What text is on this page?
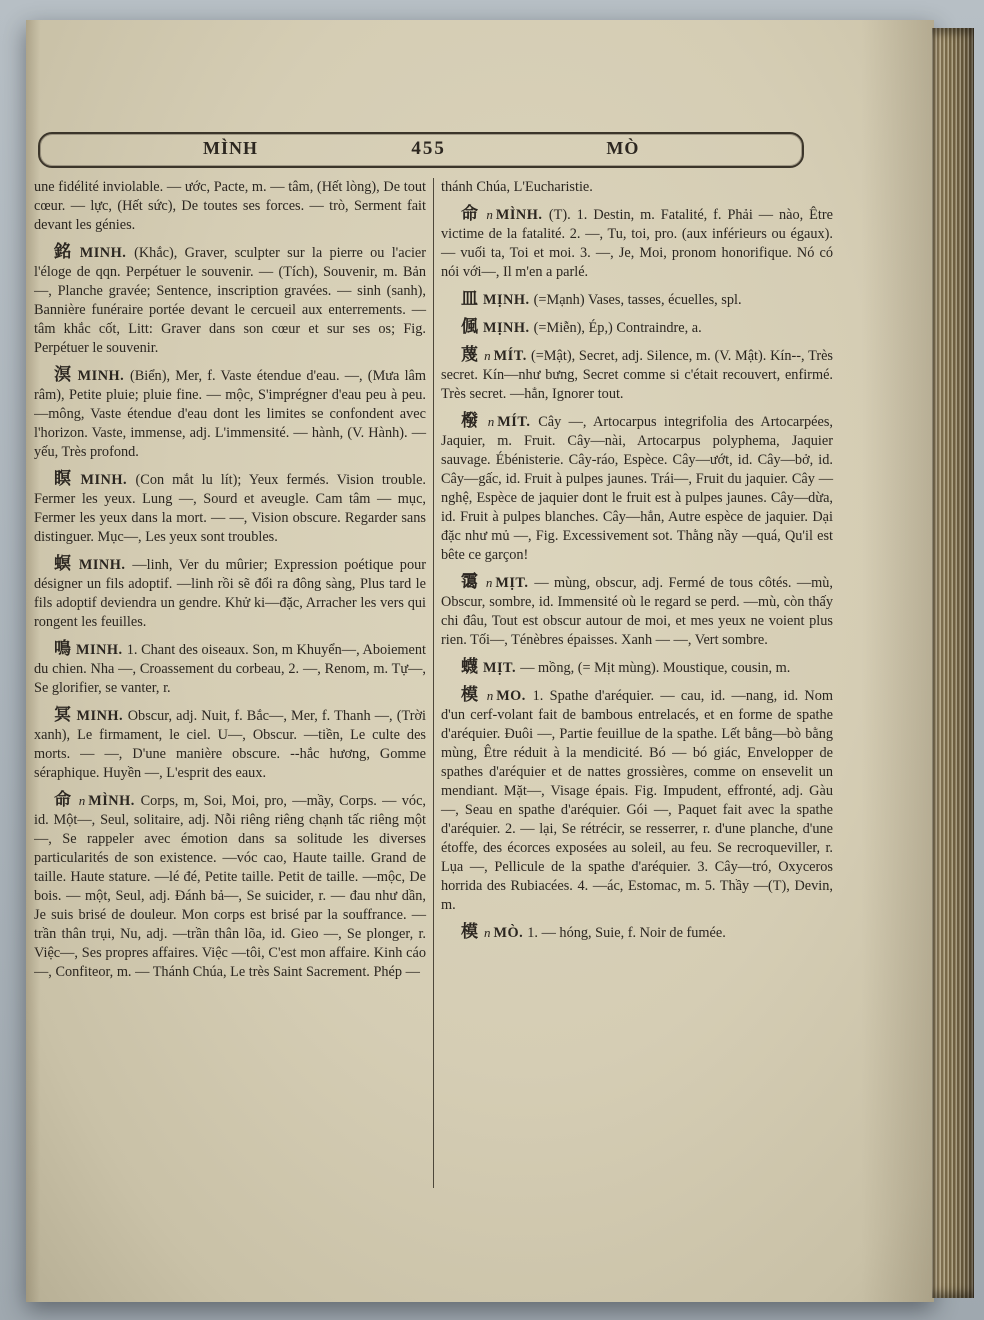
MÌNH	455	MÒ

une fidélité inviolable. — ước, Pacte, m. — tâm, (Hết lòng), De tout cœur. — lực, (Hết sức), De toutes ses forces. — trò, Serment fait devant les génies.

銘 MINH. (Khắc), Graver, sculpter sur la pierre ou l'acier l'éloge de qqn. Perpétuer le souvenir. — (Tích), Souvenir, m. Bản —, Planche gravée; Sentence, inscription gravées. — sinh (sanh), Bannière funéraire portée devant le cercueil aux enterrements. —tâm khắc cốt, Litt: Graver dans son cœur et sur ses os; Fig. Perpétuer le souvenir.

溟 MINH. (Biển), Mer, f. Vaste étendue d'eau. —, (Mưa lâm râm), Petite pluie; pluie fine. — mộc, S'imprégner d'eau peu à peu. —mông, Vaste étendue d'eau dont les limites se confondent avec l'horizon. Vaste, immense, adj. L'immensité. — hành, (V. Hành). —yếu, Très profond.

瞑 MINH. (Con mắt lu lít); Yeux fermés. Vision trouble. Fermer les yeux. Lung —, Sourd et aveugle. Cam tâm — mục, Fermer les yeux dans la mort. — —, Vision obscure. Regarder sans distinguer. Mục—, Les yeux sont troubles.

螟 MINH. —linh, Ver du mûrier; Expression poétique pour désigner un fils adoptif. —linh rồi sẽ đổi ra đông sàng, Plus tard le fils adoptif deviendra un gendre. Khử ki—đặc, Arracher les vers qui rongent les feuilles.

鳴 MINH. 1. Chant des oiseaux. Son, m Khuyển—, Aboiement du chien. Nha —, Croassement du corbeau, 2. —, Renom, m. Tự—, Se glorifier, se vanter, r.

冥 MINH. Obscur, adj. Nuit, f. Bắc—, Mer, f. Thanh —, (Trời xanh), Le firmament, le ciel. U—, Obscur. —tiền, Le culte des morts. — —, D'une manière obscure. --hắc hương, Gomme séraphique. Huyền —, L'esprit des eaux.

命 n MÌNH. Corps, m, Soi, Moi, pro, —mầy, Corps. — vóc, id. Một—, Seul, solitaire, adj. Nỗi riêng riêng chạnh tấc riêng một—, Se rappeler avec émotion dans sa solitude les diverses particularités de son existence. —vóc cao, Haute taille. Grand de taille. Haute stature. —lé đé, Petite taille. Petit de taille. —mộc, De bois. — một, Seul, adj. Đánh bả—, Se suicider, r. — đau như dần, Je suis brisé de douleur. Mon corps est brisé par la souffrance. —trần thân trụi, Nu, adj. —trần thân lõa, id. Gieo —, Se plonger, r. Việc—, Ses propres affaires. Việc —tôi, C'est mon affaire. Kinh cáo—, Confiteor, m. — Thánh Chúa, Le très Saint Sacrement. Phép —

thánh Chúa, L'Eucharistie.

命 n MÌNH. (T). 1. Destin, m. Fatalité, f. Phải — nào, Être victime de la fatalité. 2. —, Tu, toi, pro. (aux inférieurs ou égaux). — vuối ta, Toi et moi. 3. —, Je, Moi, pronom honorifique. Nó có nói với—, Il m'en a parlé.

皿 MỊNH. (=Mạnh) Vases, tasses, écuelles, spl.

偑 MỊNH. (=Miễn), Ép,) Contraindre, a.

蔑 n MÍT. (=Mật), Secret, adj. Silence, m. (V. Mật). Kín--, Très secret. Kín—như bưng, Secret comme si c'était recouvert, enfirmé. Très secret. —hẳn, Ignorer tout.

橃 n MÍT. Cây —, Artocarpus integrifolia des Artocarpées, Jaquier, m. Fruit. Cây—nài, Artocarpus polyphema, Jaquier sauvage. Ébénisterie. Cây-ráo, Espèce. Cây—ướt, id. Cây—bở, id. Cây—gấc, id. Fruit à pulpes jaunes. Trái—, Fruit du jaquier. Cây — nghệ, Espèce de jaquier dont le fruit est à pulpes jaunes. Cây—dừa, id. Fruit à pulpes blanches. Cây—hẳn, Autre espèce de jaquier. Dại đặc như mủ —, Fig. Excessivement sot. Thằng nầy —quá, Qu'il est bête ce garçon!

霭 n MỊT. — mùng, obscur, adj. Fermé de tous côtés. —mù, Obscur, sombre, id. Immensité où le regard se perd. —mù, còn thấy chi đâu, Tout est obscur autour de moi, et mes yeux ne voient plus rien. Tối—, Ténèbres épaisses. Xanh — —, Vert sombre.

蠛 MỊT. — mồng, (= Mịt mùng). Moustique, cousin, m.

模 n MO. 1. Spathe d'aréquier. — cau, id. —nang, id. Nom d'un cerf-volant fait de bambous entrelacés, et en forme de spathe d'aréquier. Đuôi —, Partie feuillue de la spathe. Lết bằng—bò bằng mùng, Être réduit à la mendicité. Bó — bó giác, Envelopper de spathes d'aréquier et de nattes grossières, comme on ensevelit un mendiant. Mặt—, Visage épais. Fig. Impudent, effronté, adj. Gàu —, Seau en spathe d'aréquier. Gói —, Paquet fait avec la spathe d'aréquier. 2. — lại, Se rétrécir, se resserrer, r. d'une planche, d'une étoffe, des écorces exposées au soleil, au feu. Se recroqueviller, r. Lụa —, Pellicule de la spathe d'aréquier. 3. Cây—tró, Oxyceros horrida des Rubiacées. 4. —ác, Estomac, m. 5. Thầy —(T), Devin, m.

模 n MÒ. 1. — hóng, Suie, f. Noir de fumée.
